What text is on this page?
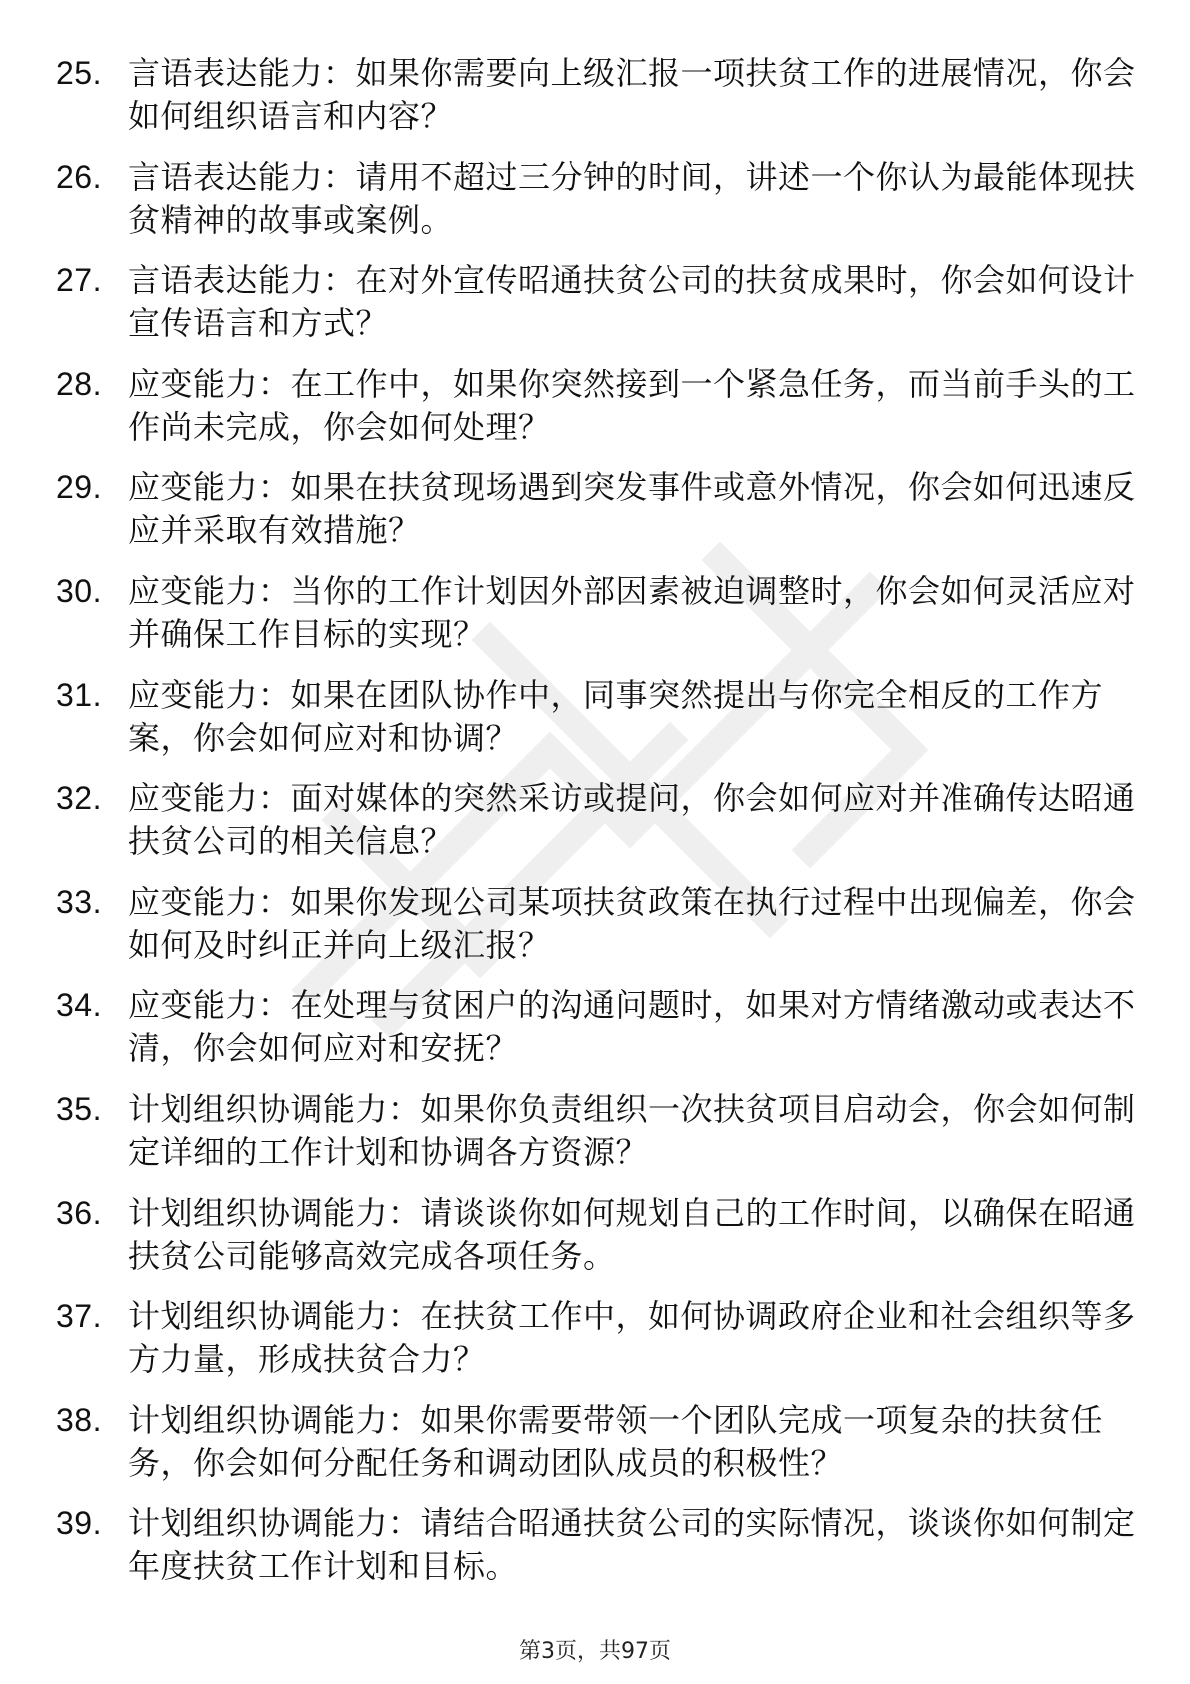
25. 言语表达能力：如果你需要向上级汇报一项扶贫工作的进展情况，你会如何组织语言和内容？
26. 言语表达能力：请用不超过三分钟的时间，讲述一个你认为最能体现扶贫精神的故事或案例。
27. 言语表达能力：在对外宣传昭通扶贫公司的扶贫成果时，你会如何设计宣传语言和方式？
28. 应变能力：在工作中，如果你突然接到一个紧急任务，而当前手头的工作尚未完成，你会如何处理？
29. 应变能力：如果在扶贫现场遇到突发事件或意外情况，你会如何迅速反应并采取有效措施？
30. 应变能力：当你的工作计划因外部因素被迫调整时，你会如何灵活应对并确保工作目标的实现？
31. 应变能力：如果在团队协作中，同事突然提出与你完全相反的工作方案，你会如何应对和协调？
32. 应变能力：面对媒体的突然采访或提问，你会如何应对并准确传达昭通扶贫公司的相关信息？
33. 应变能力：如果你发现公司某项扶贫政策在执行过程中出现偏差，你会如何及时纠正并向上级汇报？
34. 应变能力：在处理与贫困户的沟通问题时，如果对方情绪激动或表达不清，你会如何应对和安抚？
35. 计划组织协调能力：如果你负责组织一次扶贫项目启动会，你会如何制定详细的工作计划和协调各方资源？
36. 计划组织协调能力：请谈谈你如何规划自己的工作时间，以确保在昭通扶贫公司能够高效完成各项任务。
37. 计划组织协调能力：在扶贫工作中，如何协调政府企业和社会组织等多方力量，形成扶贫合力？
38. 计划组织协调能力：如果你需要带领一个团队完成一项复杂的扶贫任务，你会如何分配任务和调动团队成员的积极性？
39. 计划组织协调能力：请结合昭通扶贫公司的实际情况，谈谈你如何制定年度扶贫工作计划和目标。
第3页，共97页
